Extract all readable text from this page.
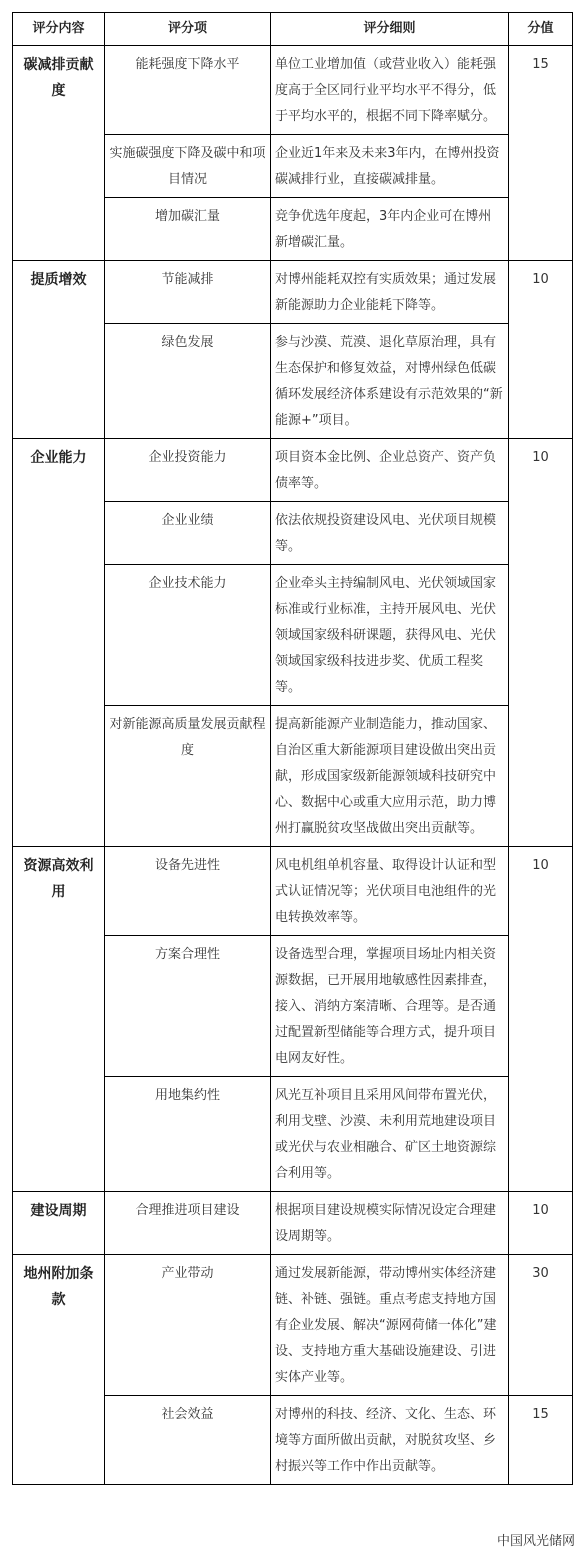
评分内容	评分项	评分细则	分值
碳减排贡献度	能耗强度下降水平	单位工业增加值（或营业收入）能耗强度高于全区同行业平均水平不得分，低于平均水平的，根据不同下降率赋分。	15
	实施碳强度下降及碳中和项目情况	企业近1年来及未来3年内，在博州投资碳减排行业，直接碳减排量。	
	增加碳汇量	竞争优选年度起，3年内企业可在博州新增碳汇量。	
提质增效	节能减排	对博州能耗双控有实质效果；通过发展新能源助力企业能耗下降等。	10
	绿色发展	参与沙漠、荒漠、退化草原治理，具有生态保护和修复效益，对博州绿色低碳循环发展经济体系建设有示范效果的“新能源+”项目。	
企业能力	企业投资能力	项目资本金比例、企业总资产、资产负债率等。	10
	企业业绩	依法依规投资建设风电、光伏项目规模等。	
	企业技术能力	企业牵头主持编制风电、光伏领域国家标准或行业标准，主持开展风电、光伏领域国家级科研课题，获得风电、光伏领域国家级科技进步奖、优质工程奖等。	
	对新能源高质量发展贡献程度	提高新能源产业制造能力，推动国家、自治区重大新能源项目建设做出突出贡献，形成国家级新能源领域科技研究中心、数据中心或重大应用示范，助力博州打赢脱贫攻坚战做出突出贡献等。	
资源高效利用	设备先进性	风电机组单机容量、取得设计认证和型式认证情况等；光伏项目电池组件的光电转换效率等。	10
	方案合理性	设备选型合理，掌握项目场址内相关资源数据，已开展用地敏感性因素排查，接入、消纳方案清晰、合理等。是否通过配置新型储能等合理方式，提升项目电网友好性。	
	用地集约性	风光互补项目且采用风间带布置光伏，利用戈壁、沙漠、未利用荒地建设项目或光伏与农业相融合、矿区土地资源综合利用等。	
建设周期	合理推进项目建设	根据项目建设规模实际情况设定合理建设周期等。	10
地州附加条款	产业带动	通过发展新能源，带动博州实体经济建链、补链、强链。重点考虑支持地方国有企业发展、解决“源网荷储一体化”建设、支持地方重大基础设施建设、引进实体产业等。	30
	社会效益	对博州的科技、经济、文化、生态、环境等方面所做出贡献，对脱贫攻坚、乡村振兴等工作中作出贡献等。	15
中国风光储网
